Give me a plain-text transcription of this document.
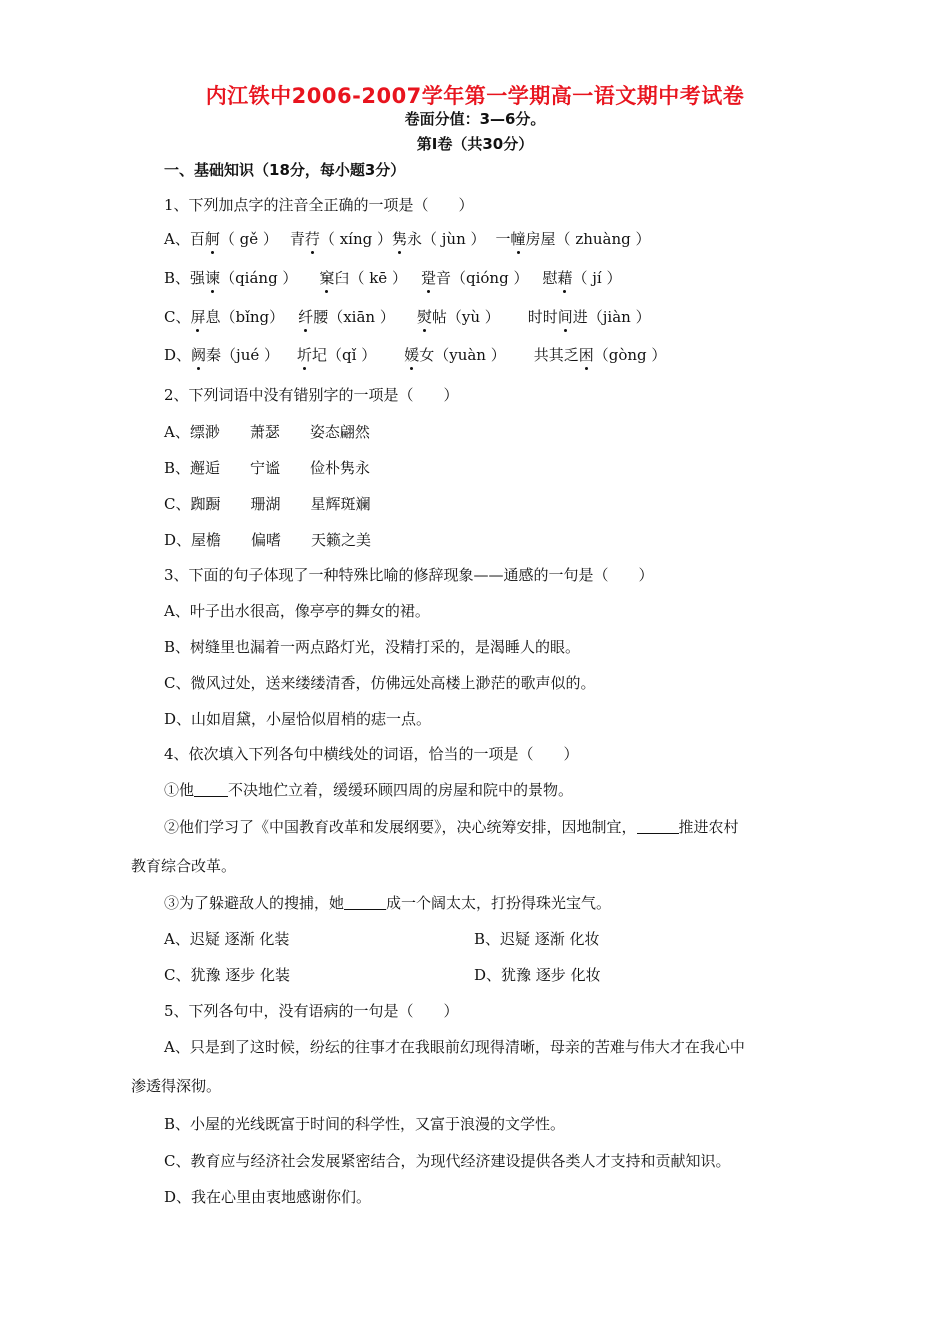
内江铁中2006-2007学年第一学期高一语文期中考试卷
卷面分值：3—6分。
第Ⅰ卷（共30分）
一、基础知识（18分，每小题3分）
1、下列加点字的注音全正确的一项是（　　）
A、百舸（ gě ） 青荇（ xíng ）隽永（ jùn ） 一幢房屋（ zhuàng ）
B、强谏（qiáng ） 窠臼（ kē ） 跫音（qióng ） 慰藉（ jí ）
C、屏息（bǐng） 纤腰（xiān ） 熨帖（yù ） 时时间进（jiàn ）
D、阙秦（jué ） 圻圮（qǐ ） 媛女（yuàn ） 共其乏困（gòng ）
2、下列词语中没有错别字的一项是（　　）
A、缥渺　　萧瑟　　姿态翩然
B、邂逅　　宁谧　　俭朴隽永
C、踟蹰　　珊湖　　星辉斑斓
D、屋檐　　偏嗜　　天籁之美
3、下面的句子体现了一种特殊比喻的修辞现象——通感的一句是（　　）
A、叶子出水很高，像亭亭的舞女的裙。
B、树缝里也漏着一两点路灯光，没精打采的，是渴睡人的眼。
C、微风过处，送来缕缕清香，仿佛远处高楼上渺茫的歌声似的。
D、山如眉黛，小屋恰似眉梢的痣一点。
4、依次填入下列各句中横线处的词语，恰当的一项是（　　）
①他 不决地伫立着，缓缓环顾四周的房屋和院中的景物。
②他们学习了《中国教育改革和发展纲要》，决心统筹安排，因地制宜，	推进农村
教育综合改革。
③为了躲避敌人的搜捕，她	成一个阔太太，打扮得珠光宝气。
A、迟疑 逐渐 化装	B、迟疑 逐渐 化妆
C、犹豫 逐步 化装	D、犹豫 逐步 化妆
5、下列各句中，没有语病的一句是（　　）
A、只是到了这时候，纷纭的往事才在我眼前幻现得清晰，母亲的苦难与伟大才在我心中
渗透得深彻。
B、小屋的光线既富于时间的科学性，又富于浪漫的文学性。
C、教育应与经济社会发展紧密结合，为现代经济建设提供各类人才支持和贡献知识。
D、我在心里由衷地感谢你们。
